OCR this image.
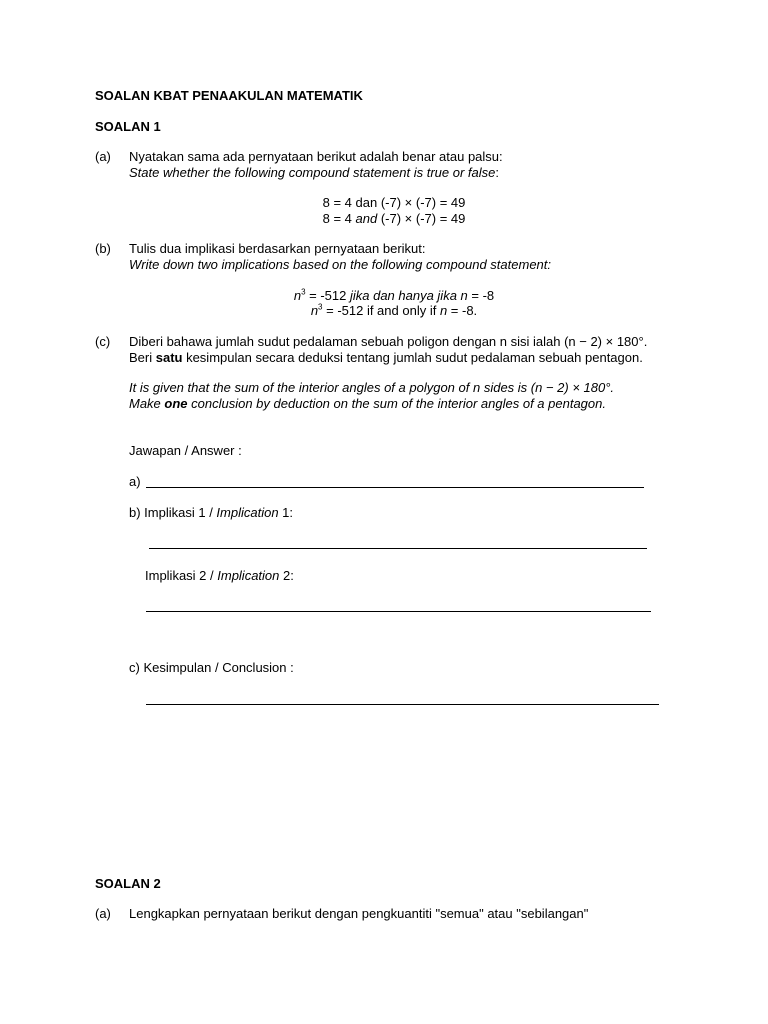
SOALAN KBAT PENAAKULAN MATEMATIK
SOALAN 1
(a) Nyatakan sama ada pernyataan berikut adalah benar atau palsu:
State whether the following compound statement is true or false:
8 = 4 dan (-7) × (-7) = 49
8 = 4 and (-7) × (-7) = 49
(b) Tulis dua implikasi berdasarkan pernyataan berikut:
Write down two implications based on the following compound statement:
$n^3 = -512$ jika dan hanya jika n = -8
$n^3 = -512$ if and only if n = -8.
(c) Diberi bahawa jumlah sudut pedalaman sebuah poligon dengan n sisi ialah (n − 2) × 180°. Beri satu kesimpulan secara deduksi tentang jumlah sudut pedalaman sebuah pentagon.
It is given that the sum of the interior angles of a polygon of n sides is (n − 2) × 180°.
Make one conclusion by deduction on the sum of the interior angles of a pentagon.
Jawapan / Answer :
a)
b) Implikasi 1 / Implication 1:
Implikasi 2 / Implication 2:
c) Kesimpulan / Conclusion :
SOALAN 2
(a) Lengkapkan pernyataan berikut dengan pengkuantiti "semua" atau "sebilangan"
